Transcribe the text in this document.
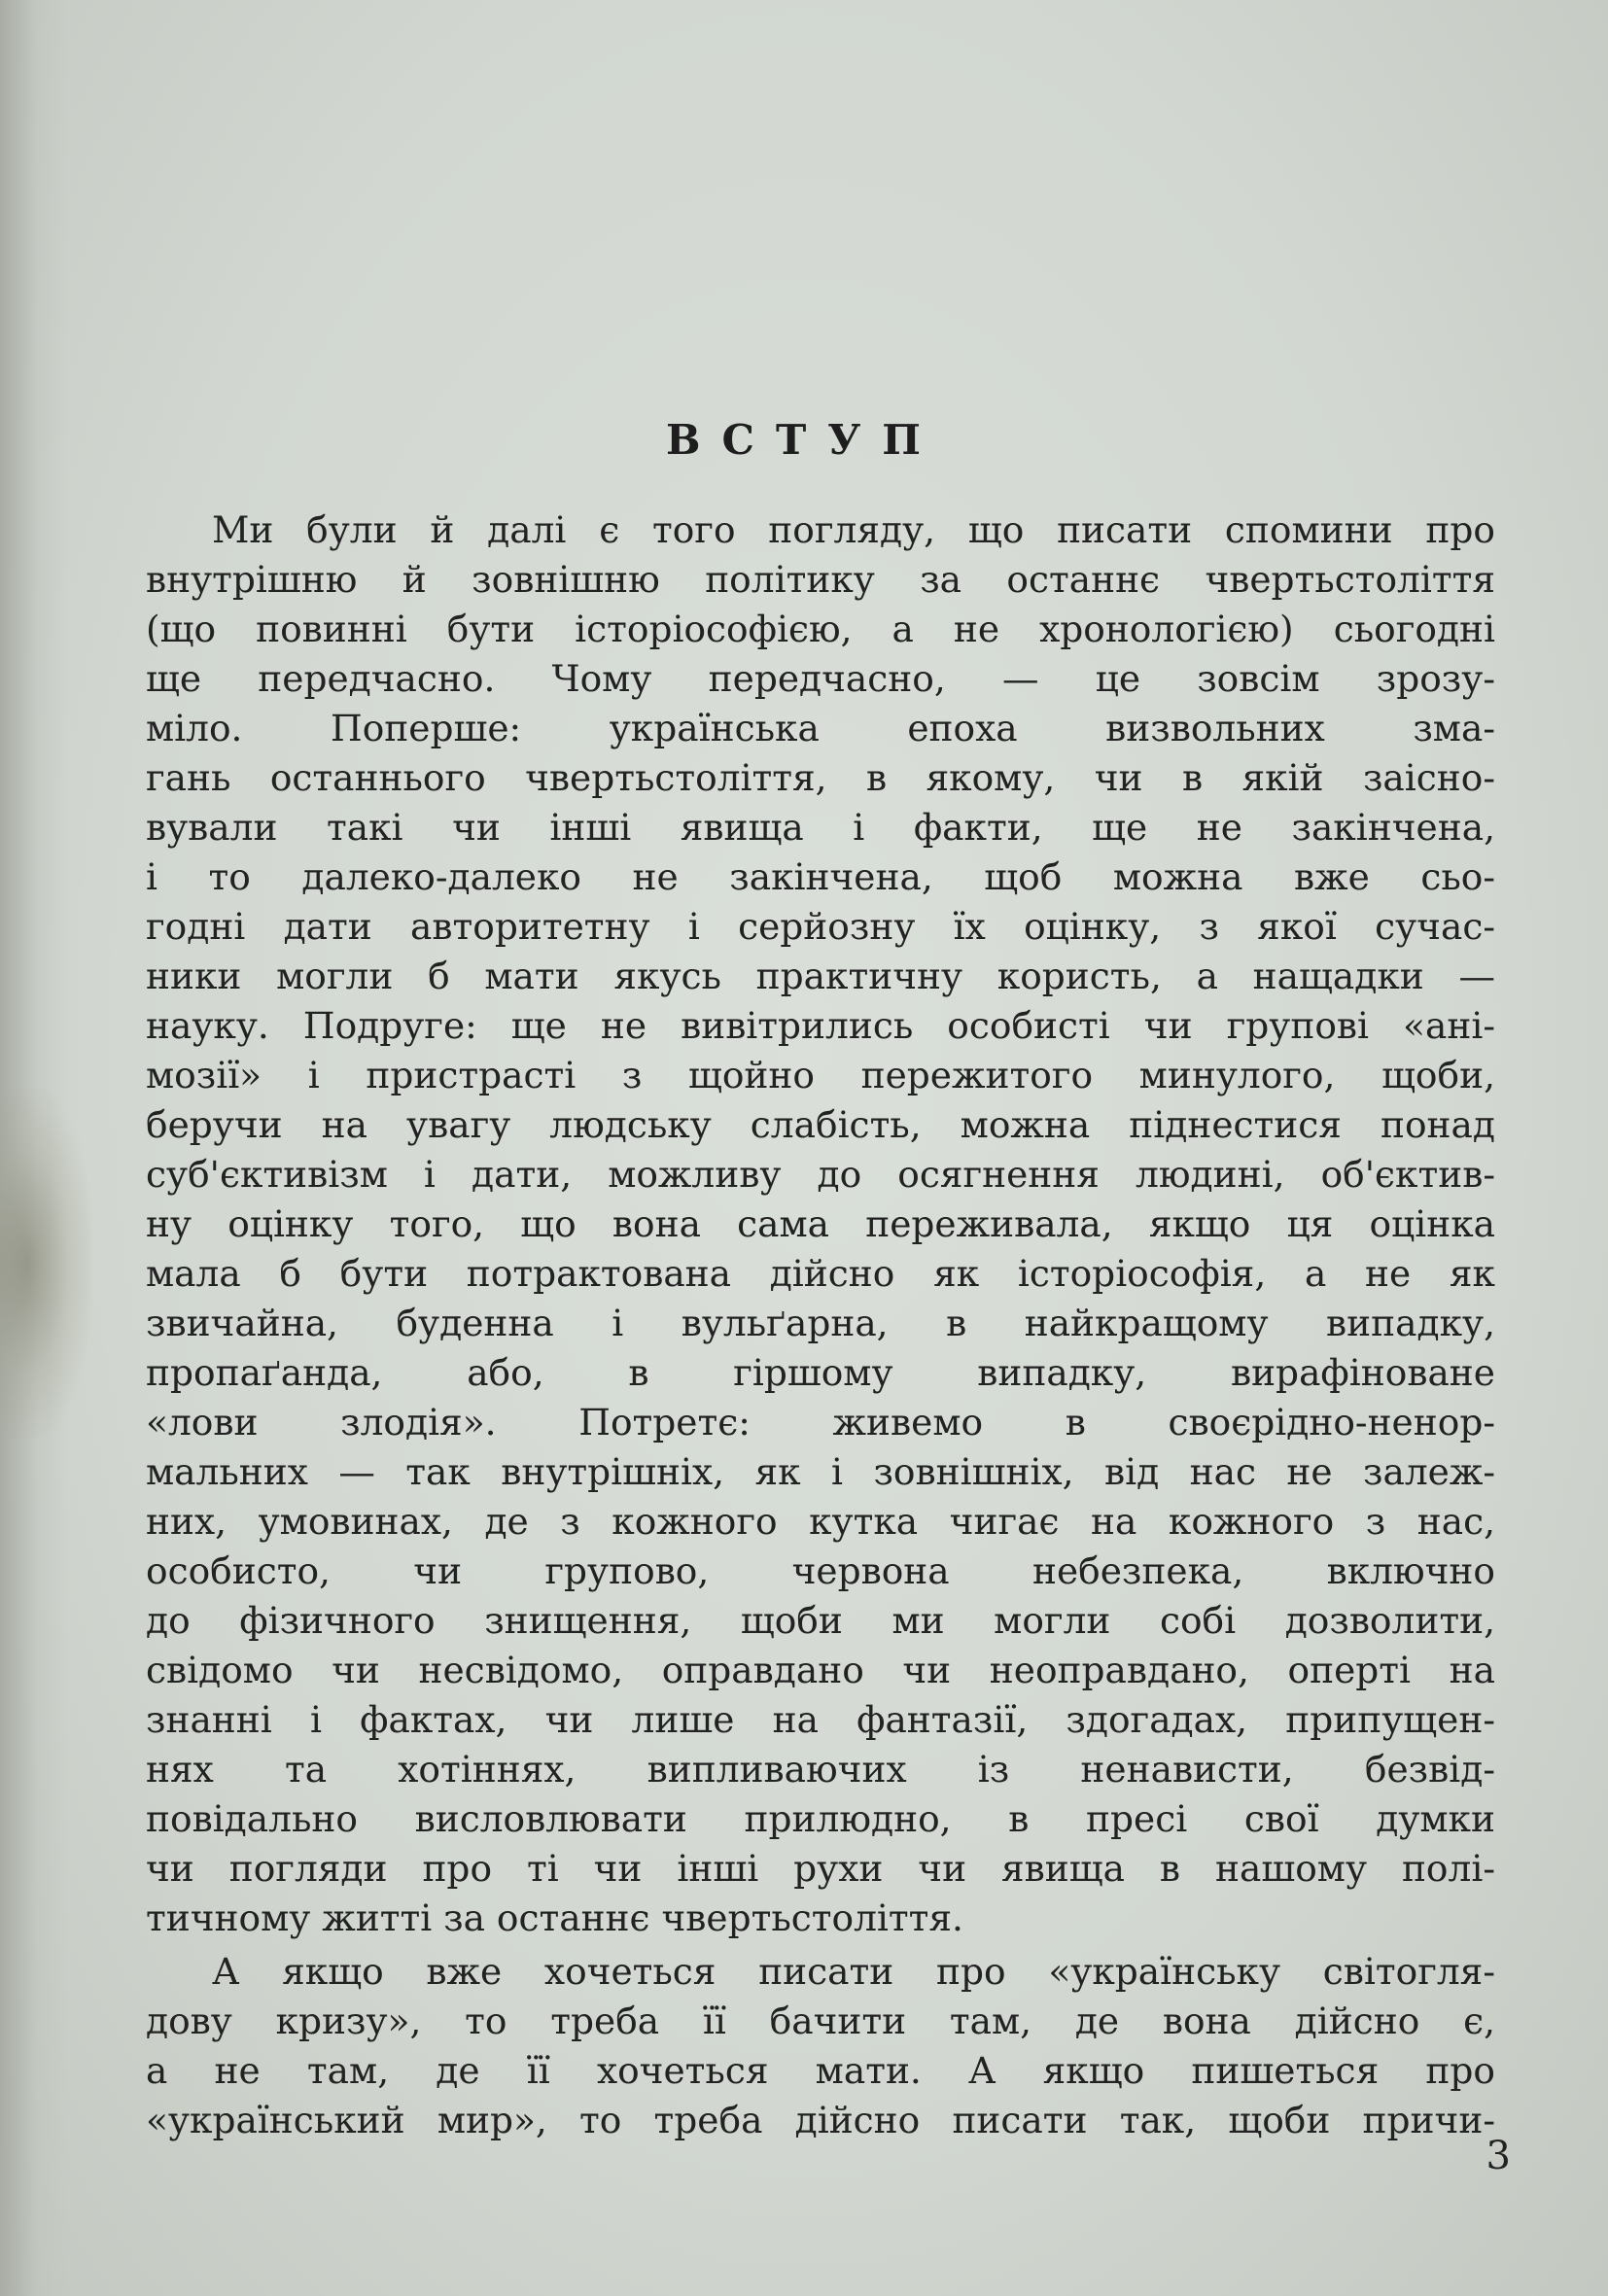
ВСТУП
Ми були й далі є того погляду, що писати спомини про
внутрішню й зовнішню політику за останнє чвертьстоліття
(що повинні бути історіософією, а не хронологією) сьогодні
ще передчасно. Чому передчасно, — це зовсім зрозу-
міло. Поперше: українська епоха визвольних зма-
гань останнього чвертьстоліття, в якому, чи в якій заісно-
вували такі чи інші явища і факти, ще не закінчена,
і то далеко-далеко не закінчена, щоб можна вже сьо-
годні дати авторитетну і серйозну їх оцінку, з якої сучас-
ники могли б мати якусь практичну користь, а нащадки —
науку. Подруге: ще не вивітрились особисті чи групові «ані-
мозії» і пристрасті з щойно пережитого минулого, щоби,
беручи на увагу людську слабість, можна піднестися понад
суб'єктивізм і дати, можливу до осягнення людині, об'єктив-
ну оцінку того, що вона сама переживала, якщо ця оцінка
мала б бути потрактована дійсно як історіософія, а не як
звичайна, буденна і вульґарна, в найкращому випадку,
пропаґанда, або, в гіршому випадку, вирафіноване
«лови злодія». Потретє: живемо в своєрідно-ненор-
мальних — так внутрішніх, як і зовнішніх, від нас не залеж-
них, умовинах, де з кожного кутка чигає на кожного з нас,
особисто, чи групово, червона небезпека, включно
до фізичного знищення, щоби ми могли собі дозволити,
свідомо чи несвідомо, оправдано чи неоправдано, оперті на
знанні і фактах, чи лише на фантазії, здогадах, припущен-
нях та хотіннях, випливаючих із ненависти, безвід-
повідально висловлювати прилюдно, в пресі свої думки
чи погляди про ті чи інші рухи чи явища в нашому полі-
тичному житті за останнє чвертьстоліття.
А якщо вже хочеться писати про «українську світогля-
дову кризу», то треба її бачити там, де вона дійсно є,
а не там, де її хочеться мати. А якщо пишеться про
«український мир», то треба дійсно писати так, щоби причи-
3
